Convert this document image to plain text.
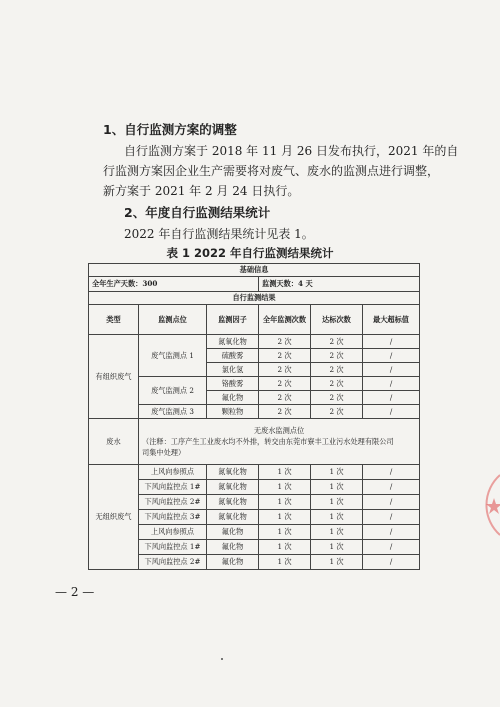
1、自行监测方案的调整
自行监测方案于 2018 年 11 月 26 日发布执行，2021 年的自
行监测方案因企业生产需要将对废气、废水的监测点进行调整，
新方案于 2021 年 2 月 24 日执行。
2、年度自行监测结果统计
2022 年自行监测结果统计见表 1。
表 1 2022 年自行监测结果统计
基础信息					
全年生产天数：300			监测天数：4 天		
自行监测结果					
类型	监测点位	监测因子	全年监测次数	达标次数	最大超标值
有组织废气	废气监测点 1	氮氧化物	2 次	2 次	/
		硫酸雾	2 次	2 次	/
		氯化氢	2 次	2 次	/
	废气监测点 2	铬酸雾	2 次	2 次	/
		氟化物	2 次	2 次	/
	废气监测点 3	颗粒物	2 次	2 次	/
废水	无废水监测点位
（注释：工序产生工业废水均不外排，转交由东莞市寮丰工业污水处理有限公司
司集中处理）				

无组织废气	上风向参照点	氮氧化物	1 次	1 次	/
	下风向监控点 1#	氮氧化物	1 次	1 次	/
	下风向监控点 2#	氮氧化物	1 次	1 次	/
	下风向监控点 3#	氮氧化物	1 次	1 次	/
	上风向参照点	氟化物	1 次	1 次	/
	下风向监控点 1#	氟化物	1 次	1 次	/
	下风向监控点 2#	氟化物	1 次	1 次	/
— 2 —
